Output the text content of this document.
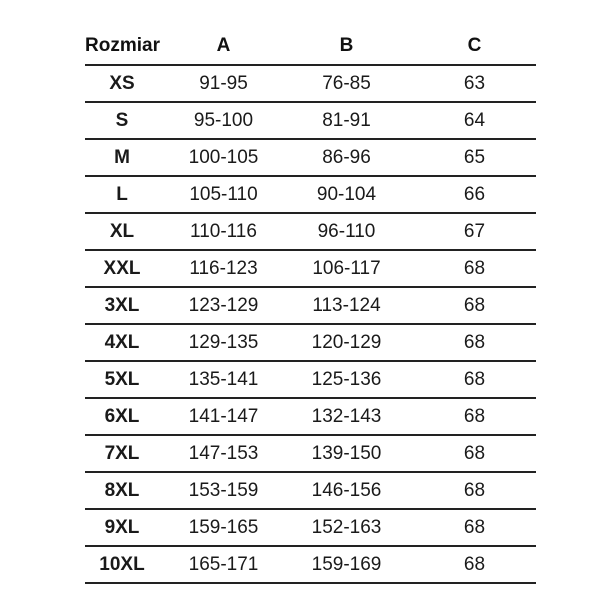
Rozmiar	A	B	C
XS	91-95	76-85	63
S	95-100	81-91	64
M	100-105	86-96	65
L	105-110	90-104	66
XL	110-116	96-110	67
XXL	116-123	106-117	68
3XL	123-129	113-124	68
4XL	129-135	120-129	68
5XL	135-141	125-136	68
6XL	141-147	132-143	68
7XL	147-153	139-150	68
8XL	153-159	146-156	68
9XL	159-165	152-163	68
10XL	165-171	159-169	68
